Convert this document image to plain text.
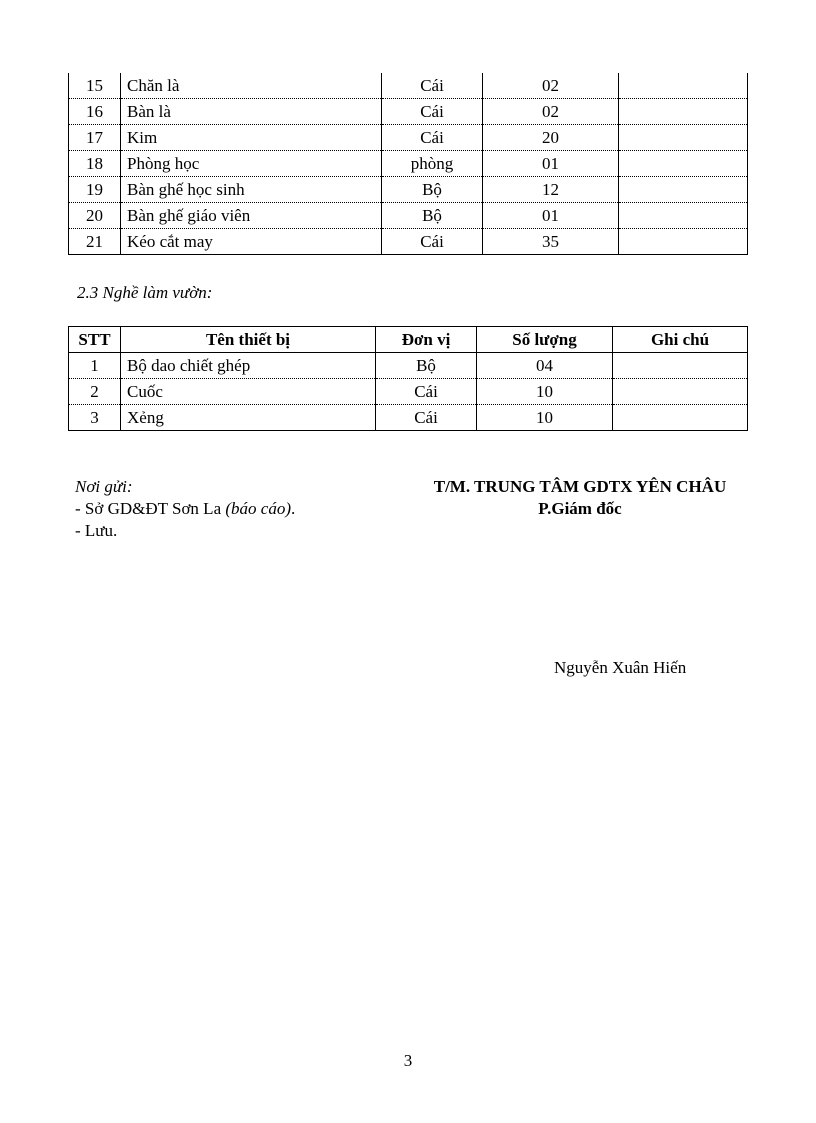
15	Chăn là	Cái	02	
16	Bàn là	Cái	02	
17	Kim	Cái	20	
18	Phòng học	phòng	01	
19	Bàn ghế học sinh	Bộ	12	
20	Bàn ghế giáo viên	Bộ	01	
21	Kéo cắt may	Cái	35	
2.3 Nghề làm vườn:
STT	Tên thiết bị	Đơn vị	Số lượng	Ghi chú
1	Bộ dao chiết ghép	Bộ	04	
2	Cuốc	Cái	10	
3	Xẻng	Cái	10	
Nơi gửi:
- Sở GD&ĐT Sơn La (báo cáo).
- Lưu.
T/M. TRUNG TÂM GDTX YÊN CHÂU
P.Giám đốc
Nguyễn Xuân Hiến
3
